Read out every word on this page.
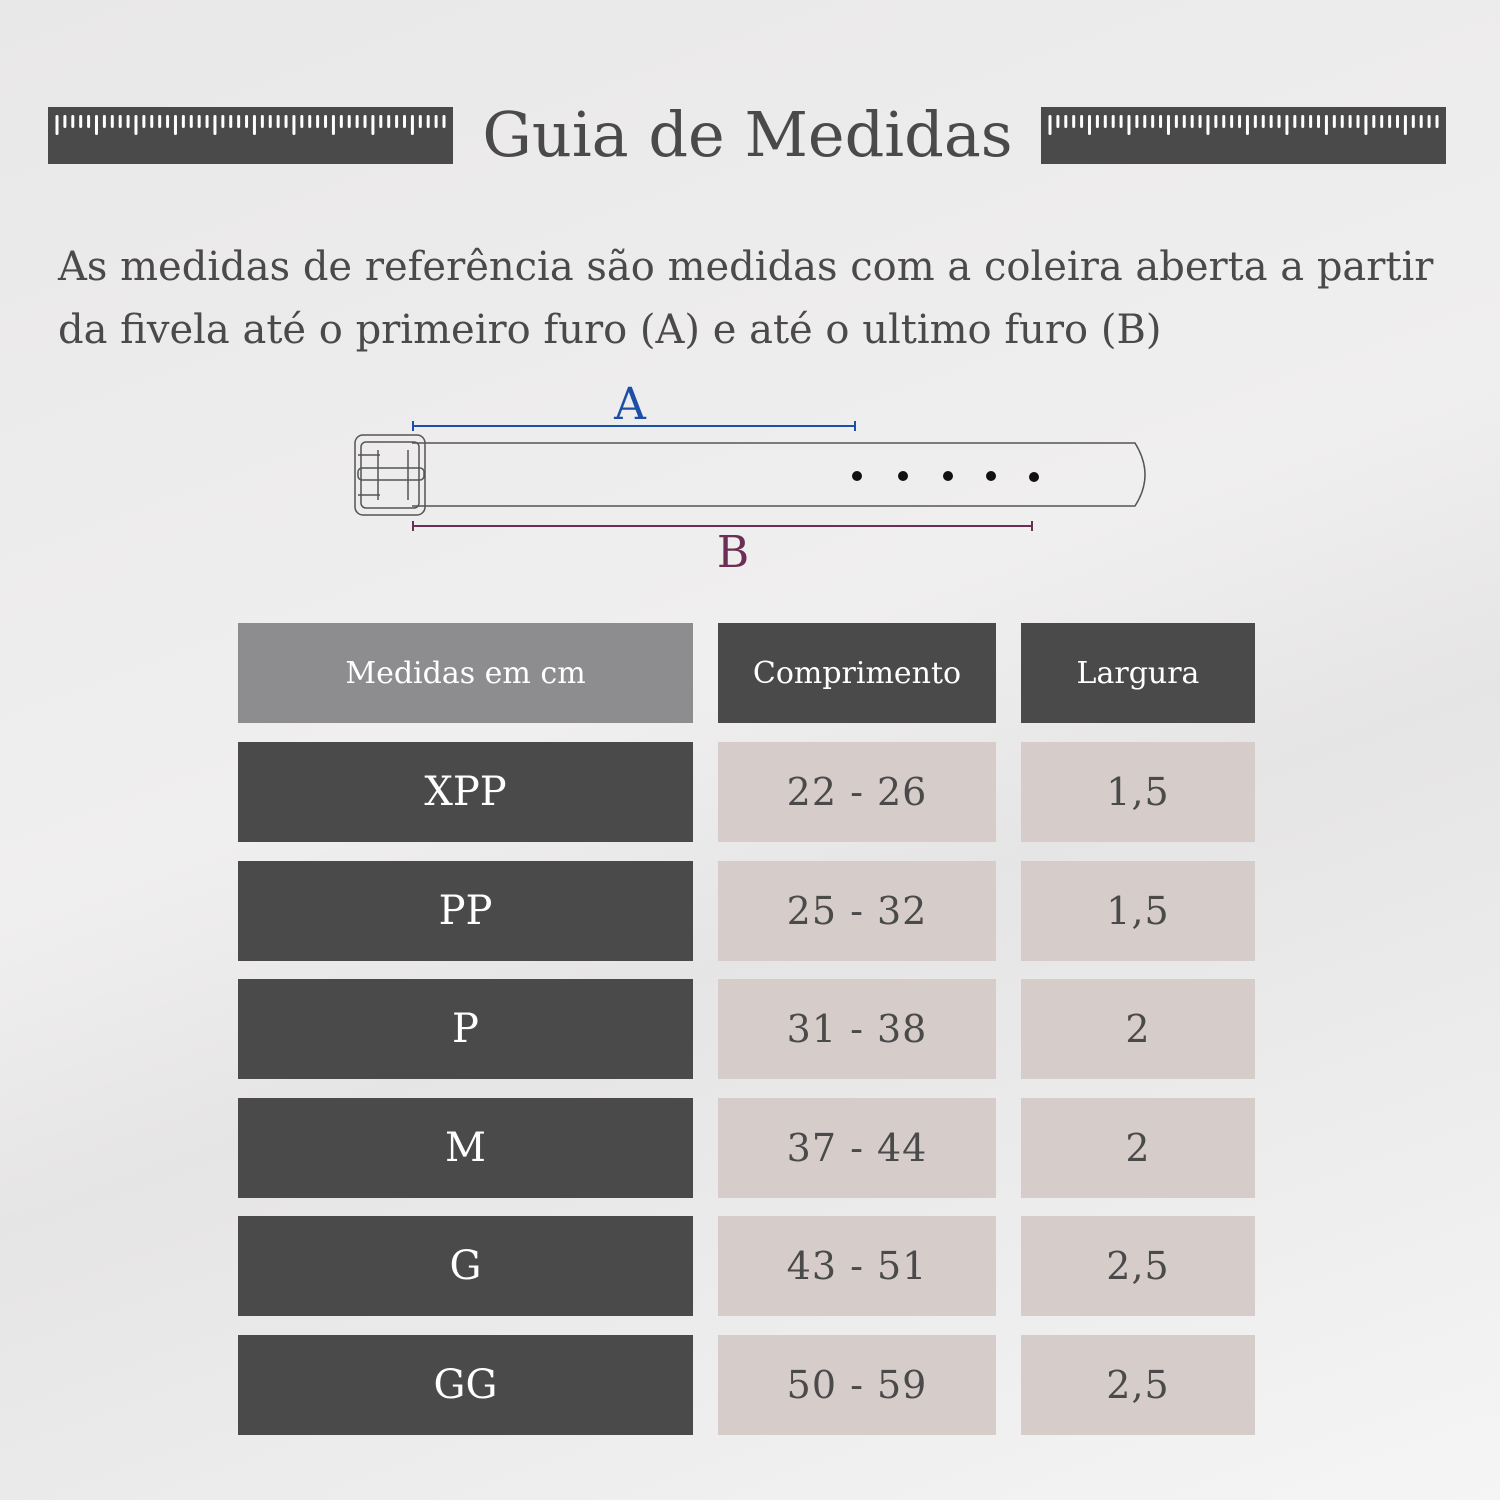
Guia de Medidas

As medidas de referência são medidas com a coleira aberta a partir da fivela até o primeiro furo (A) e até o ultimo furo (B)

A
B
Medidas em cm	Comprimento	Largura
XPP	22 - 26	1,5
PP	25 - 32	1,5
P	31 - 38	2
M	37 - 44	2
G	43 - 51	2,5
GG	50 - 59	2,5
